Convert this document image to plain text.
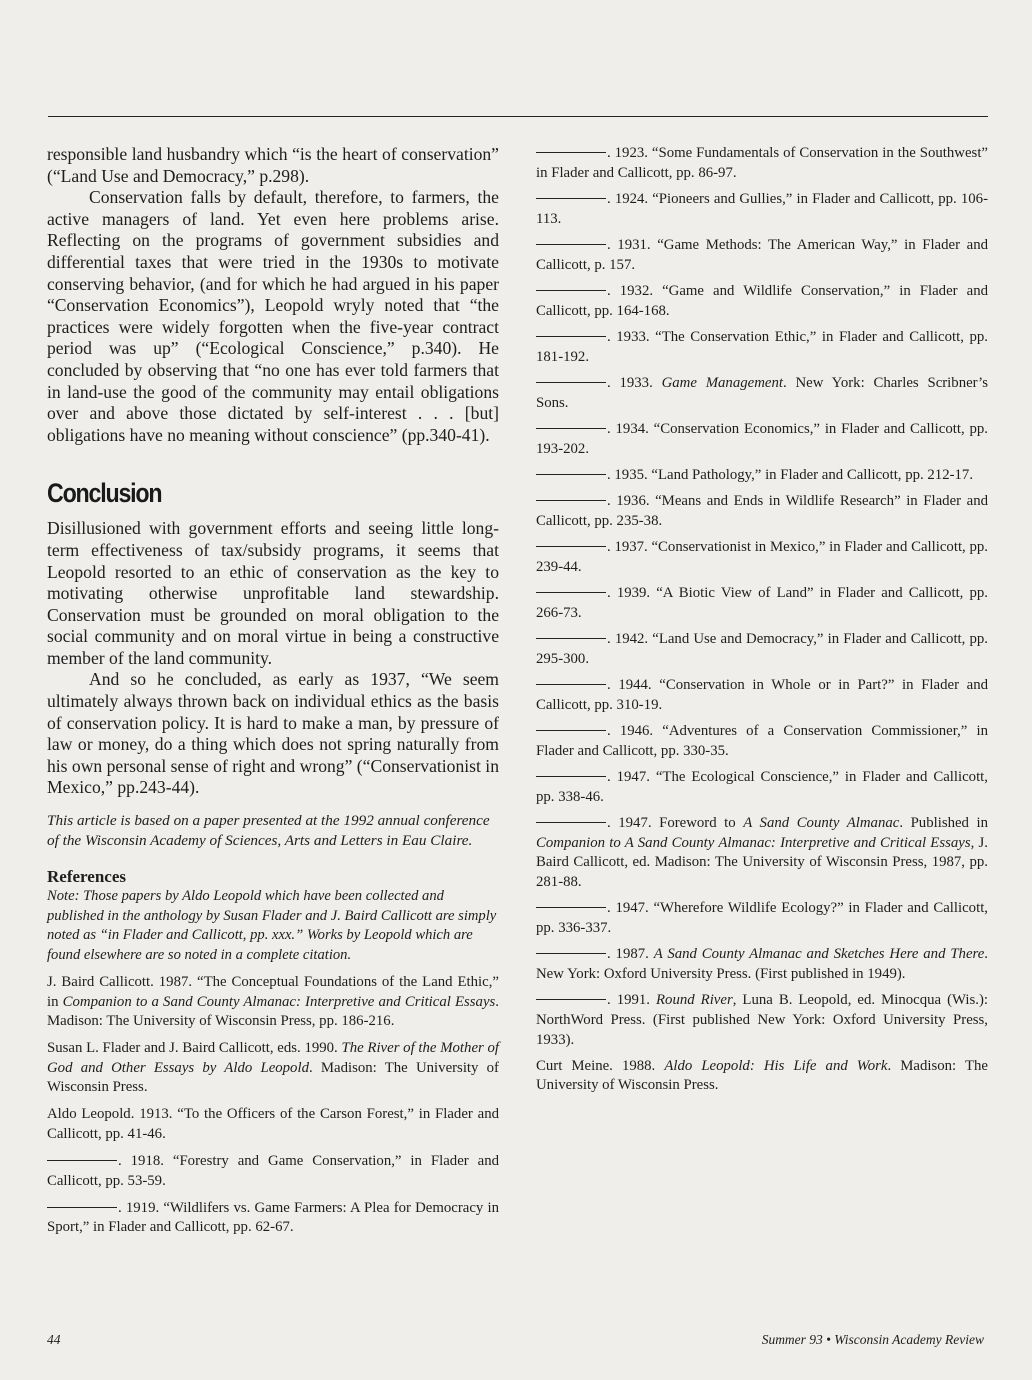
responsible land husbandry which “is the heart of conservation” (“Land Use and Democracy,” p.298).

Conservation falls by default, therefore, to farmers, the active managers of land. Yet even here problems arise. Reflecting on the programs of government subsidies and differential taxes that were tried in the 1930s to motivate conserving behavior, (and for which he had argued in his paper “Conservation Economics”), Leopold wryly noted that “the practices were widely forgotten when the five-year contract period was up” (“Ecological Conscience,” p.340). He concluded by observing that “no one has ever told farmers that in land-use the good of the community may entail obligations over and above those dictated by self-interest . . . [but] obligations have no meaning without conscience” (pp.340-41).

Conclusion

Disillusioned with government efforts and seeing little long-term effectiveness of tax/subsidy programs, it seems that Leopold resorted to an ethic of conservation as the key to motivating otherwise unprofitable land stewardship. Conservation must be grounded on moral obligation to the social community and on moral virtue in being a constructive member of the land community.

And so he concluded, as early as 1937, “We seem ultimately always thrown back on individual ethics as the basis of conservation policy. It is hard to make a man, by pressure of law or money, do a thing which does not spring naturally from his own personal sense of right and wrong” (“Conservationist in Mexico,” pp.243-44).

This article is based on a paper presented at the 1992 annual conference of the Wisconsin Academy of Sciences, Arts and Letters in Eau Claire.

References

Note: Those papers by Aldo Leopold which have been collected and published in the anthology by Susan Flader and J. Baird Callicott are simply noted as “in Flader and Callicott, pp. xxx.” Works by Leopold which are found elsewhere are so noted in a complete citation.

J. Baird Callicott. 1987. “The Conceptual Foundations of the Land Ethic,” in Companion to a Sand County Almanac: Interpretive and Critical Essays. Madison: The University of Wisconsin Press, pp. 186-216.

Susan L. Flader and J. Baird Callicott, eds. 1990. The River of the Mother of God and Other Essays by Aldo Leopold. Madison: The University of Wisconsin Press.

Aldo Leopold. 1913. “To the Officers of the Carson Forest,” in Flader and Callicott, pp. 41-46.

. 1918. “Forestry and Game Conservation,” in Flader and Callicott, pp. 53-59.

. 1919. “Wildlifers vs. Game Farmers: A Plea for Democracy in Sport,” in Flader and Callicott, pp. 62-67.

. 1923. “Some Fundamentals of Conservation in the Southwest” in Flader and Callicott, pp. 86-97.

. 1924. “Pioneers and Gullies,” in Flader and Callicott, pp. 106-113.

. 1931. “Game Methods: The American Way,” in Flader and Callicott, p. 157.

. 1932. “Game and Wildlife Conservation,” in Flader and Callicott, pp. 164-168.

. 1933. “The Conservation Ethic,” in Flader and Callicott, pp. 181-192.

. 1933. Game Management. New York: Charles Scribner’s Sons.

. 1934. “Conservation Economics,” in Flader and Callicott, pp. 193-202.

. 1935. “Land Pathology,” in Flader and Callicott, pp. 212-17.

. 1936. “Means and Ends in Wildlife Research” in Flader and Callicott, pp. 235-38.

. 1937. “Conservationist in Mexico,” in Flader and Callicott, pp. 239-44.

. 1939. “A Biotic View of Land” in Flader and Callicott, pp. 266-73.

. 1942. “Land Use and Democracy,” in Flader and Callicott, pp. 295-300.

. 1944. “Conservation in Whole or in Part?” in Flader and Callicott, pp. 310-19.

. 1946. “Adventures of a Conservation Commissioner,” in Flader and Callicott, pp. 330-35.

. 1947. “The Ecological Conscience,” in Flader and Callicott, pp. 338-46.

. 1947. Foreword to A Sand County Almanac. Published in Companion to A Sand County Almanac: Interpretive and Critical Essays, J. Baird Callicott, ed. Madison: The University of Wisconsin Press, 1987, pp. 281-88.

. 1947. “Wherefore Wildlife Ecology?” in Flader and Callicott, pp. 336-337.

. 1987. A Sand County Almanac and Sketches Here and There. New York: Oxford University Press. (First published in 1949).

. 1991. Round River, Luna B. Leopold, ed. Minocqua (Wis.): NorthWord Press. (First published New York: Oxford University Press, 1933).

Curt Meine. 1988. Aldo Leopold: His Life and Work. Madison: The University of Wisconsin Press.

44	Summer 93 • Wisconsin Academy Review
